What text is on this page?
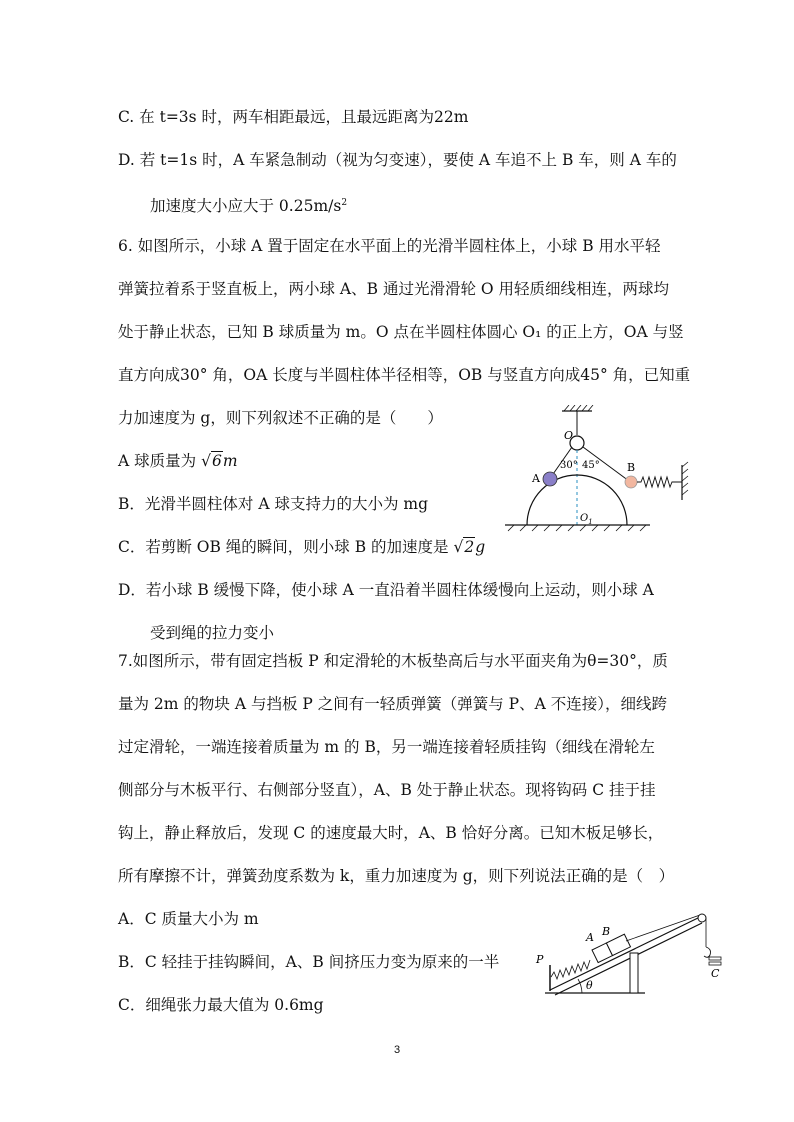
C. 在 t=3s 时，两车相距最远，且最远距离为22m
D. 若 t=1s 时，A 车紧急制动（视为匀变速），要使 A 车追不上 B 车，则 A 车的
加速度大小应大于 $0.25m/s^2$
6. 如图所示，小球 A 置于固定在水平面上的光滑半圆柱体上，小球 B 用水平轻
弹簧拉着系于竖直板上，两小球 A、B 通过光滑滑轮 O 用轻质细线相连，两球均
处于静止状态，已知 B 球质量为 m。O 点在半圆柱体圆心 O₁ 的正上方，OA 与竖
直方向成30° 角，OA 长度与半圆柱体半径相等，OB 与竖直方向成45° 角，已知重
力加速度为 g，则下列叙述不正确的是（　　）
A 球质量为 √6m
B．光滑半圆柱体对 A 球支持力的大小为 mg
C．若剪断 OB 绳的瞬间，则小球 B 的加速度是 √2g
D．若小球 B 缓慢下降，使小球 A 一直沿着半圆柱体缓慢向上运动，则小球 A
受到绳的拉力变小
O
30° 45°
$O_1$
A
B
7.如图所示，带有固定挡板 P 和定滑轮的木板垫高后与水平面夹角为θ=30°，质
量为 2m 的物块 A 与挡板 P 之间有一轻质弹簧（弹簧与 P、A 不连接），细线跨
过定滑轮，一端连接着质量为 m 的 B，另一端连接着轻质挂钩（细线在滑轮左
侧部分与木板平行、右侧部分竖直），A、B 处于静止状态。现将钩码 C 挂于挂
钩上，静止释放后，发现 C 的速度最大时，A、B 恰好分离。已知木板足够长，
所有摩擦不计，弹簧劲度系数为 k，重力加速度为 g，则下列说法正确的是（　）
A．C 质量大小为 m
B．C 轻挂于挂钩瞬间，A、B 间挤压力变为原来的一半
C．细绳张力最大值为 0.6mg
P
A B
C
θ
3
